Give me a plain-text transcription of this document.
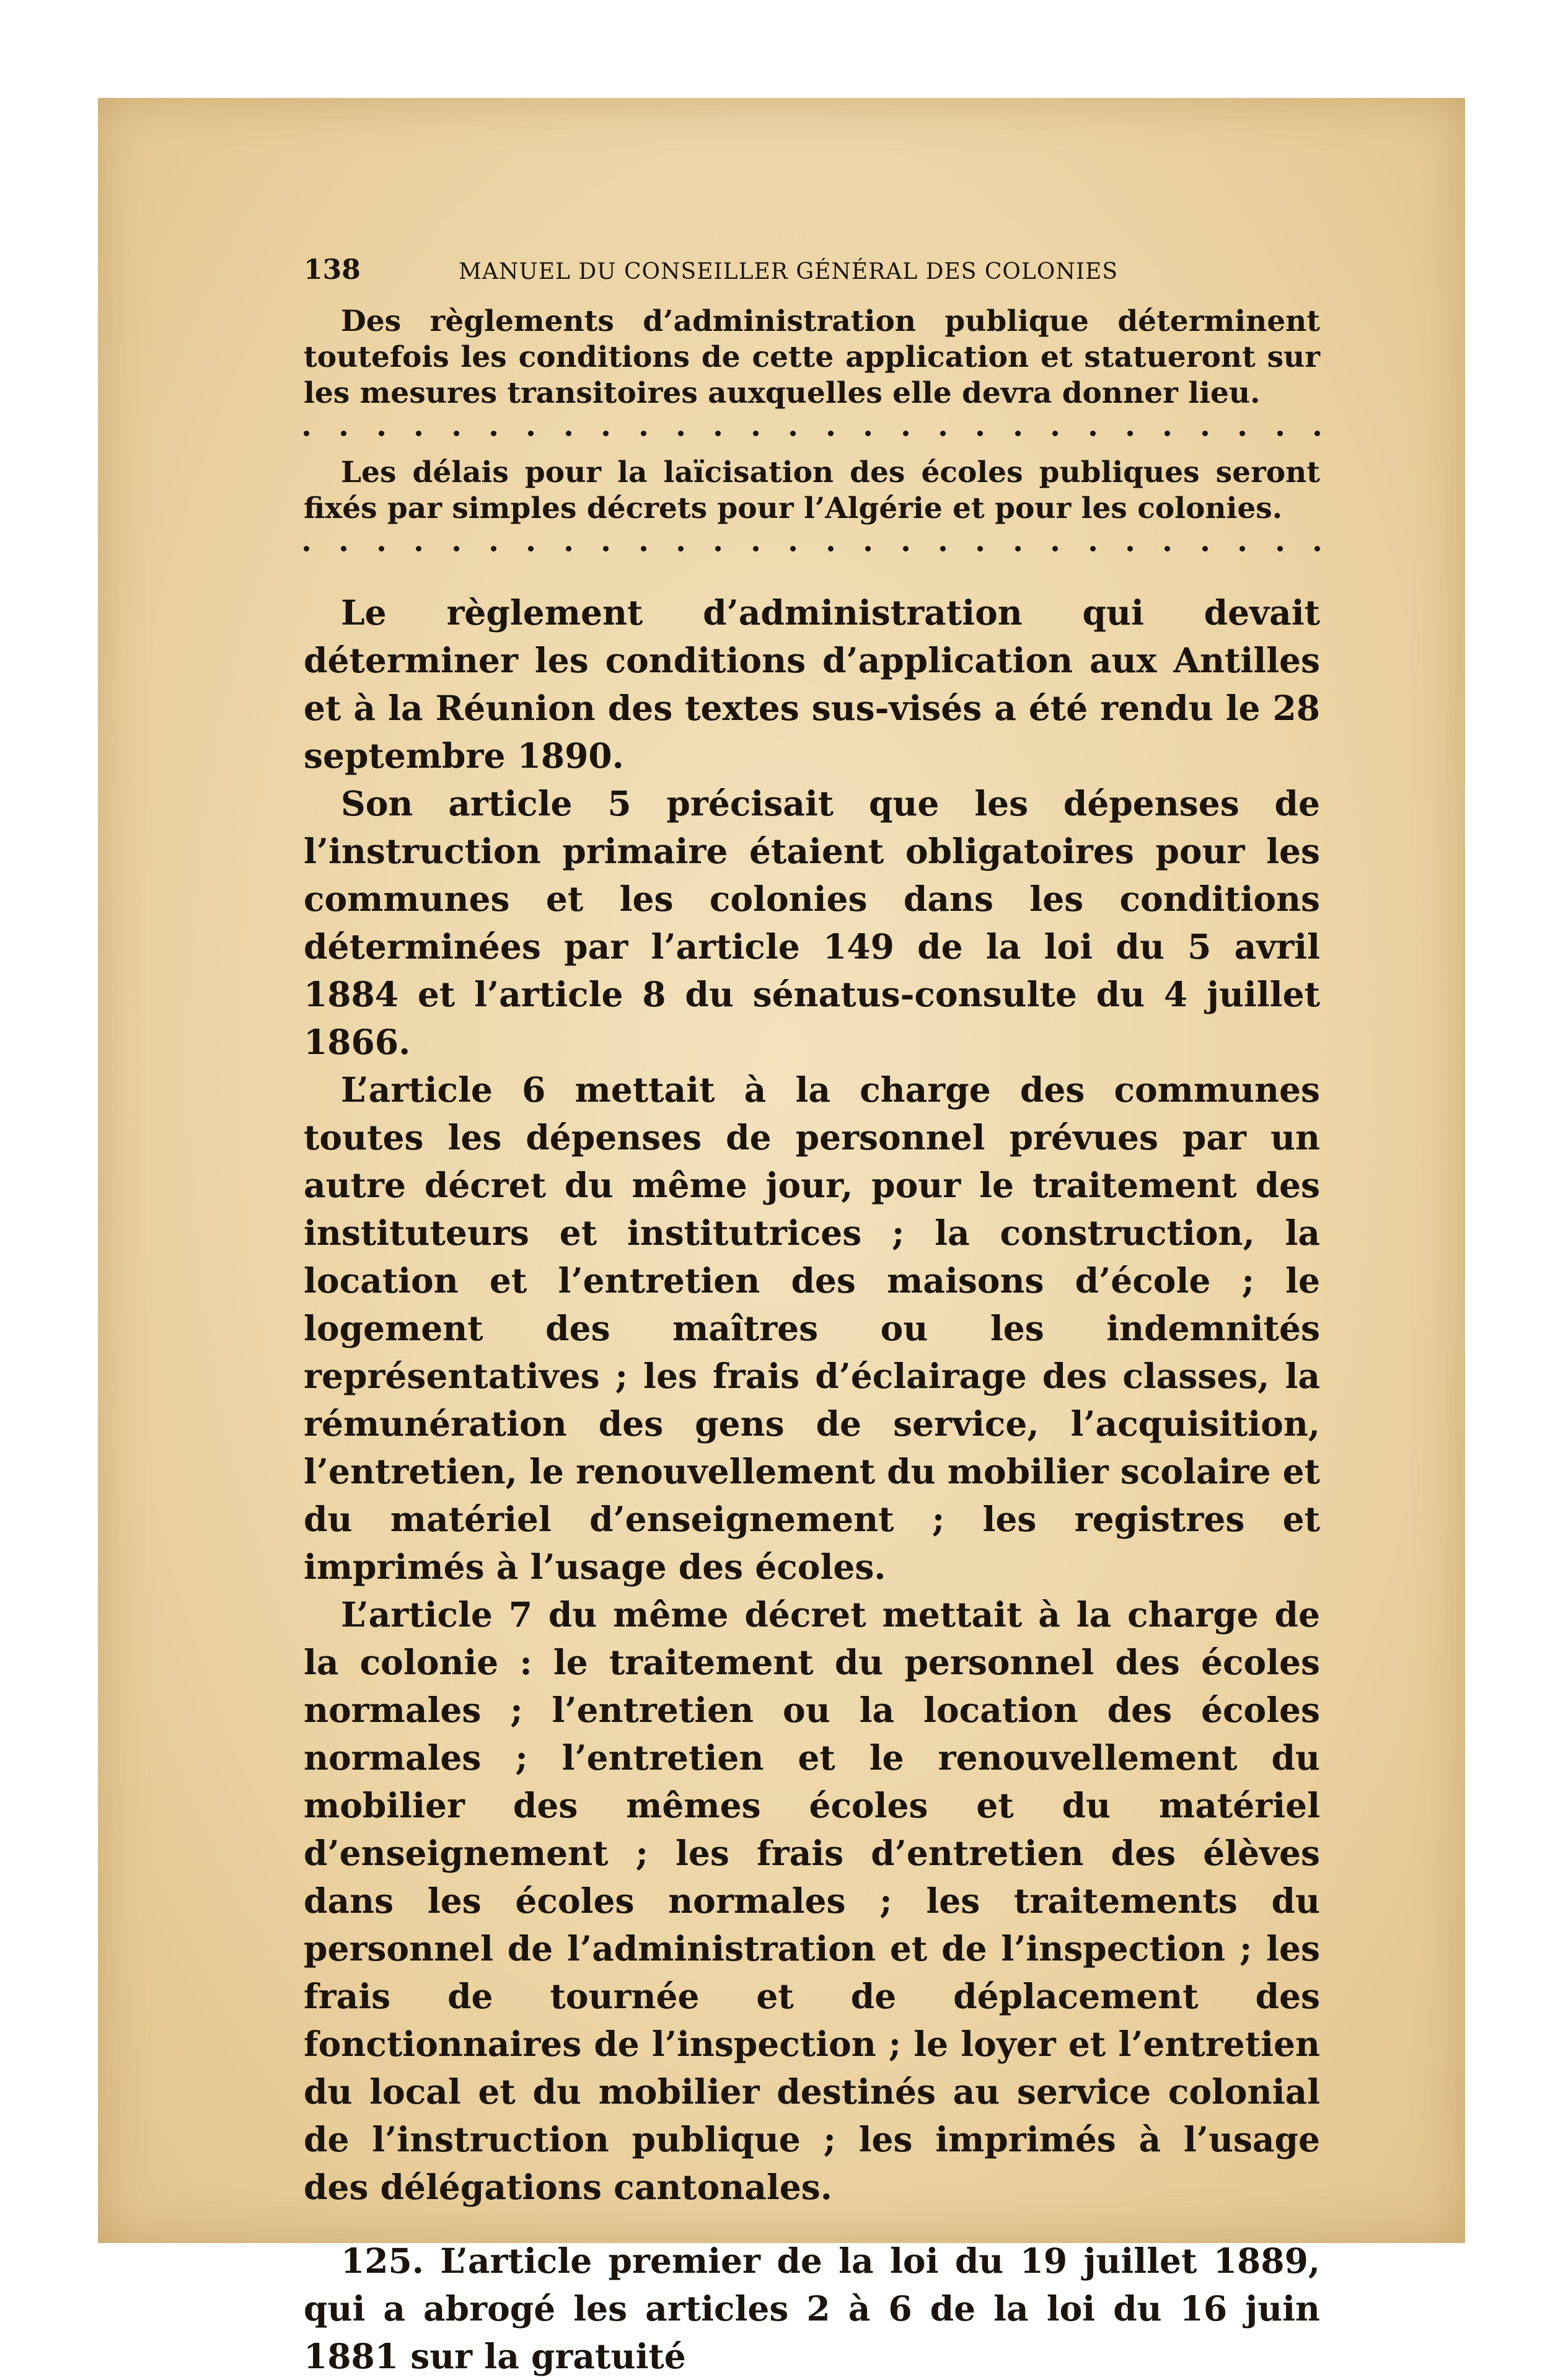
138	MANUEL DU CONSEILLER GÉNÉRAL DES COLONIES

Des règlements d’administration publique déterminent toutefois les conditions de cette application et statueront sur les mesures transitoires auxquelles elle devra donner lieu.

Les délais pour la laïcisation des écoles publiques seront fixés par simples décrets pour l’Algérie et pour les colonies.

Le règlement d’administration qui devait déterminer les conditions d’application aux Antilles et à la Réunion des textes sus-visés a été rendu le 28 septembre 1890.

Son article 5 précisait que les dépenses de l’instruction primaire étaient obligatoires pour les communes et les colonies dans les conditions déterminées par l’article 149 de la loi du 5 avril 1884 et l’article 8 du sénatus-consulte du 4 juillet 1866.

L’article 6 mettait à la charge des communes toutes les dépenses de personnel prévues par un autre décret du même jour, pour le traitement des instituteurs et institutrices ; la construction, la location et l’entretien des maisons d’école ; le logement des maîtres ou les indemnités représentatives ; les frais d’éclairage des classes, la rémunération des gens de service, l’acquisition, l’entretien, le renouvellement du mobilier scolaire et du matériel d’enseignement ; les registres et imprimés à l’usage des écoles.

L’article 7 du même décret mettait à la charge de la colonie : le traitement du personnel des écoles normales ; l’entretien ou la location des écoles normales ; l’entretien et le renouvellement du mobilier des mêmes écoles et du matériel d’enseignement ; les frais d’entretien des élèves dans les écoles normales ; les traitements du personnel de l’administration et de l’inspection ; les frais de tournée et de déplacement des fonctionnaires de l’inspection ; le loyer et l’entretien du local et du mobilier destinés au service colonial de l’instruction publique ; les imprimés à l’usage des délégations cantonales.

125. L’article premier de la loi du 19 juillet 1889, qui a abrogé les articles 2 à 6 de la loi du 16 juin 1881 sur la gratuité
